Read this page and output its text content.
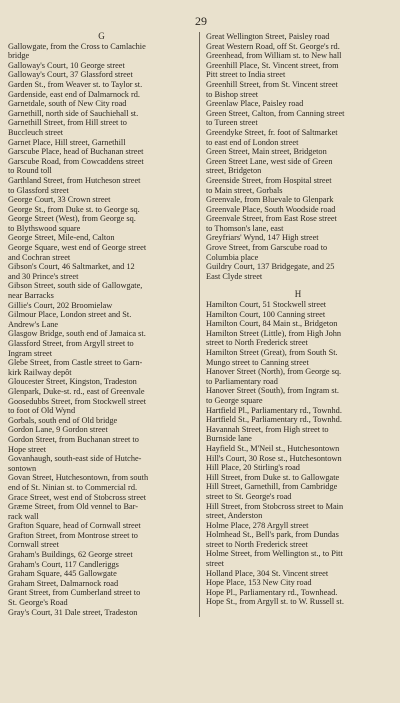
29
G
Gallowgate, from the Cross to Camlachie
bridge
Galloway's Court, 10 George street
Galloway's Court, 37 Glassford street
Garden St., from Weaver st. to Taylor st.
Gardenside, east end of Dalmarnock rd.
Garnetdale, south of New City road
Garnethill, north side of Sauchiehall st.
Garnethill Street, from Hill street to
Buccleuch street
Garnet Place, Hill street, Garnethill
Garscube Place, head of Buchanan street
Garscube Road, from Cowcaddens street
to Round toll
Garthland Street, from Hutcheson street
to Glassford street
George Court, 33 Crown street
George St., from Duke st. to George sq.
George Street (West), from George sq.
to Blythswood square
George Street, Mile-end, Calton
George Square, west end of George street
and Cochran street
Gibson's Court, 46 Saltmarket, and 12
and 30 Prince's street
Gibson Street, south side of Gallowgate,
near Barracks
Gillie's Court, 202 Broomielaw
Gilmour Place, London street and St.
Andrew's Lane
Glasgow Bridge, south end of Jamaica st.
Glassford Street, from Argyll street to
Ingram street
Glebe Street, from Castle street to Garn-
kirk Railway depôt
Gloucester Street, Kingston, Tradeston
Glenpark, Duke-st. rd., east of Greenvale
Goosedubbs Street, from Stockwell street
to foot of Old Wynd
Gorbals, south end of Old bridge
Gordon Lane, 9 Gordon street
Gordon Street, from Buchanan street to
Hope street
Govanhaugh, south-east side of Hutche-
sontown
Govan Street, Hutchesontown, from south
end of St. Ninian st. to Commercial rd.
Grace Street, west end of Stobcross street
Græme Street, from Old vennel to Bar-
rack wall
Grafton Square, head of Cornwall street
Grafton Street, from Montrose street to
Cornwall street
Graham's Buildings, 62 George street
Graham's Court, 117 Candleriggs
Graham Square, 445 Gallowgate
Graham Street, Dalmarnock road
Grant Street, from Cumberland street to
St. George's Road
Gray's Court, 31 Dale street, Tradeston
Great Wellington Street, Paisley road
Great Western Road, off St. George's rd.
Greenhead, from William st. to New hall
Greenhill Place, St. Vincent street, from
Pitt street to India street
Greenhill Street, from St. Vincent street
to Bishop street
Greenlaw Place, Paisley road
Green Street, Calton, from Canning street
to Tureen street
Greendyke Street, fr. foot of Saltmarket
to east end of London street
Green Street, Main street, Bridgeton
Green Street Lane, west side of Green
street, Bridgeton
Greenside Street, from Hospital street
to Main street, Gorbals
Greenvale, from Bluevale to Glenpark
Greenvale Place, South Woodside road
Greenvale Street, from East Rose street
to Thomson's lane, east
Greyfriars' Wynd, 147 High street
Grove Street, from Garscube road to
Columbia place
Guildry Court, 137 Bridgegate, and 25
East Clyde street
H
Hamilton Court, 51 Stockwell street
Hamilton Court, 100 Canning street
Hamilton Court, 84 Main st., Bridgeton
Hamilton Street (Little), from High John
street to North Frederick street
Hamilton Street (Great), from South St.
Mungo street to Canning street
Hanover Street (North), from George sq.
to Parliamentary road
Hanover Street (South), from Ingram st.
to George square
Hartfield Pl., Parliamentary rd., Townhd.
Hartfield St., Parliamentary rd., Townhd.
Havannah Street, from High street to
Burnside lane
Hayfield St., M'Neil st., Hutchesontown
Hill's Court, 30 Rose st., Hutchesontown
Hill Place, 20 Stirling's road
Hill Street, from Duke st. to Gallowgate
Hill Street, Garnethill, from Cambridge
street to St. George's road
Hill Street, from Stobcross street to Main
street, Anderston
Holme Place, 278 Argyll street
Holmhead St., Bell's park, from Dundas
street to North Frederick street
Holme Street, from Wellington st., to Pitt
street
Holland Place, 304 St. Vincent street
Hope Place, 153 New City road
Hope Pl., Parliamentary rd., Townhead.
Hope St., from Argyll st. to W. Russell st.
